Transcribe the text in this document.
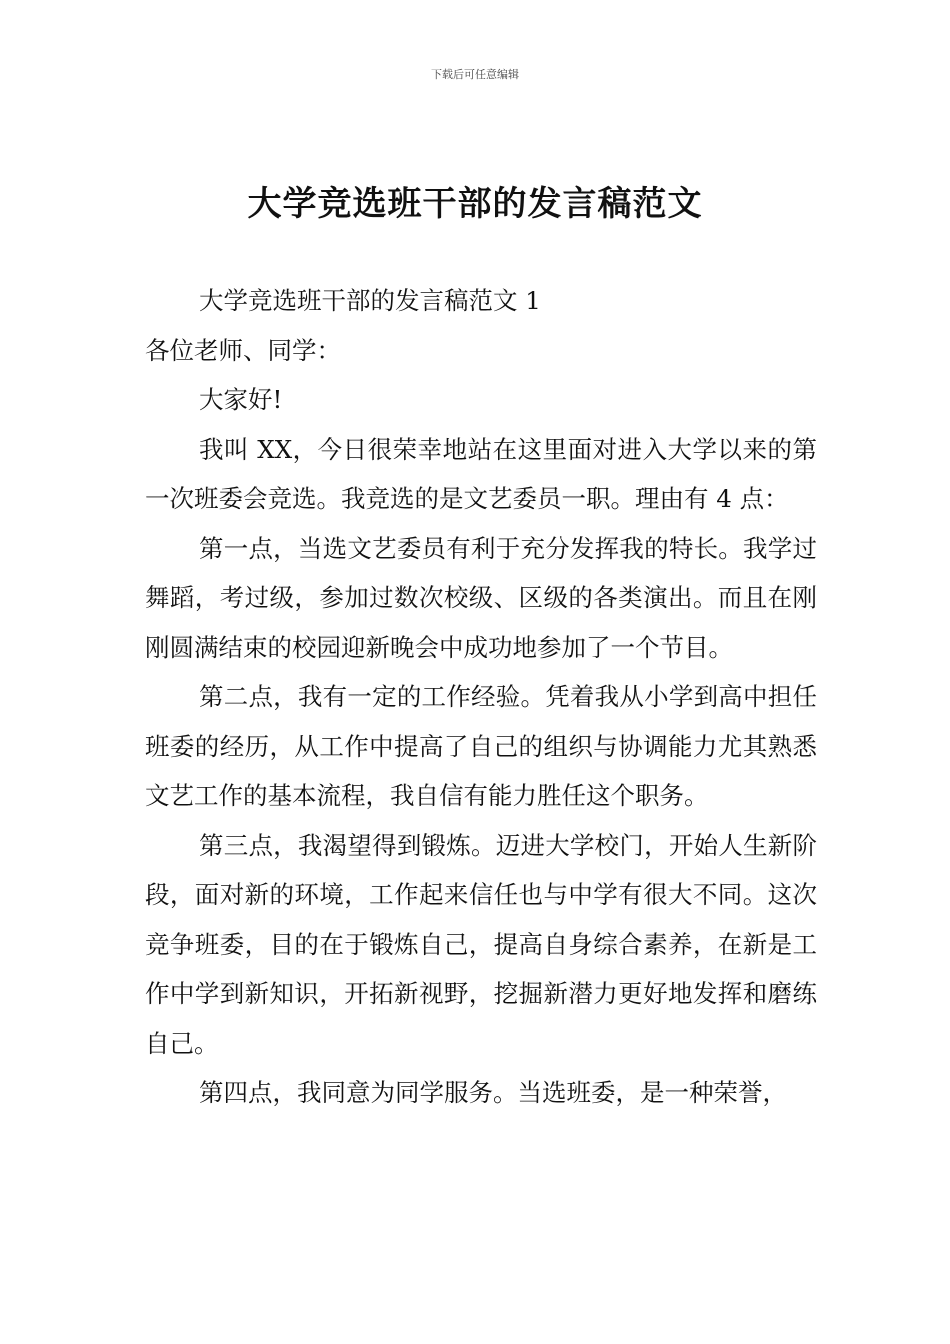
下载后可任意编辑
大学竞选班干部的发言稿范文

大学竞选班干部的发言稿范文 1

各位老师、同学：

大家好!

我叫 XX，今日很荣幸地站在这里面对进入大学以来的第一次班委会竞选。我竞选的是文艺委员一职。理由有 4 点：

第一点，当选文艺委员有利于充分发挥我的特长。我学过舞蹈，考过级，参加过数次校级、区级的各类演出。而且在刚刚圆满结束的校园迎新晚会中成功地参加了一个节目。

第二点，我有一定的工作经验。凭着我从小学到高中担任班委的经历，从工作中提高了自己的组织与协调能力尤其熟悉文艺工作的基本流程，我自信有能力胜任这个职务。

第三点，我渴望得到锻炼。迈进大学校门，开始人生新阶段，面对新的环境，工作起来信任也与中学有很大不同。这次竞争班委，目的在于锻炼自己，提高自身综合素养，在新是工作中学到新知识，开拓新视野，挖掘新潜力更好地发挥和磨练自己。

第四点，我同意为同学服务。当选班委，是一种荣誉，
